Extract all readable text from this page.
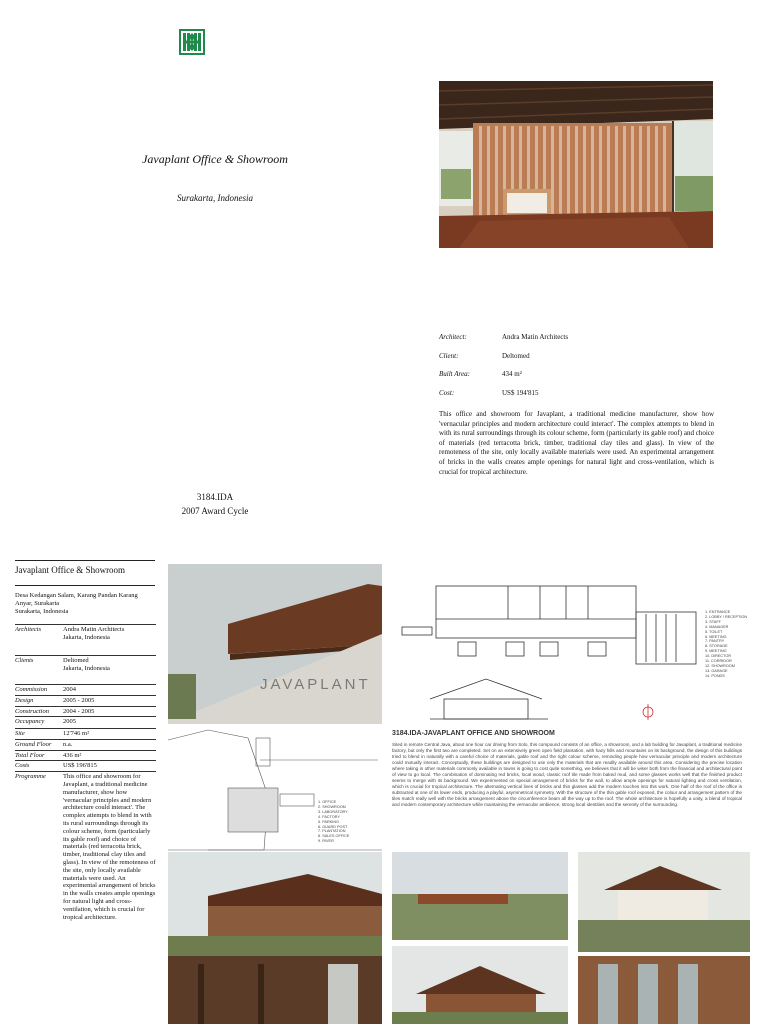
Javaplant Office & Showroom
Surakarta, Indonesia
3184.IDA
2007 Award Cycle
Architect:	Andra Matin Architects
Client:	Deltomed
Built Area:	434 m²
Cost:	US$ 194'815
This office and showroom for Javaplant, a traditional medicine manufacturer, show how 'vernacular principles and modern architecture could interact'. The complex attempts to blend in with its rural surroundings through its colour scheme, form (particularly its gable roof) and choice of materials (red terracotta brick, timber, traditional clay tiles and glass). In view of the remoteness of the site, only locally available materials were used. An experimental arrangement of bricks in the walls creates ample openings for natural light and cross-ventilation, which is crucial for tropical architecture.
Javaplant Office & Showroom
Desa Kedangan Salam, Karang Pandan Karang Anyar, Surakarta
Surakarta, Indonesia
Architects	Andra Matin Architects
Jakarta, Indonesia
Clients	Deltomed
Jakarta, Indonesia
Commission	2004
Design	2005 - 2005
Construction	2004 - 2005
Occupancy	2005
Site	12'746 m²
Ground Floor	n.a.
Total Floor	436 m²
Costs	US$ 196'815
Programme	This office and showroom for Javaplant, a traditional medicine manufacturer, show how 'vernacular principles and modern architecture could interact'. The complex attempts to blend in with its rural surroundings through its colour scheme, form (particularly its gable roof) and choice of materials (red terracotta brick, timber, traditional clay tiles and glass). In view of the remoteness of the site, only locally available materials were used. An experimental arrangement of bricks in the walls creates ample openings for natural light and cross-ventilation, which is crucial for tropical architecture.
JAVAPLANT
3184.IDA-JAVAPLANT OFFICE AND SHOWROOM
Sited in remote Central Java, about one hour car driving from Solo, this compound consists of an office, a showroom, and a lab building for Javaplant, a traditional medicine factory, but only the first two are completed. Set on an extensively green open field plantation, with hazy hills and mountains on its background, the design of this buildings tried to blend in naturally with a careful choice of materials, gable roof and the right colour scheme, reminding people how vernacular principle and modern architecture could mutually interact. Conceptually, these buildings are designed to use only the materials that are readily available around this area. Considering the precise location where taking in other materials commonly available in towns is going to cost quite something, we believes that it will be wiser both from the financial and architectural point of view to go local. The combination of dominating red bricks, local wood, classic roof tile made from baked mud, and some glasses works well that the finished product seems to merge with its background. We experimented on special arrangement of bricks for the wall, to allow ample openings for natural lighting and cross ventilation, which is crucial for tropical architecture. The alternating vertical lines of bricks and thin glasses add the modern touches into this work. One half of the roof of the office is subtracted at one of its lower ends, producing a playful, asymmetrical symmetry. With the structure of the thin gable roof exposed, the colour and arrangement pattern of the tiles match really well with the bricks arrangement above the circumference beam all the way up to the roof. The whole architecture is hopefully a unity, a blend of tropical and modern contemporary architecture while maintaining the vernacular ambience, strong local identities and the serenity of the surrounding.
1. ENTRANCE
2. LOBBY / RECEPTION
3. STAFF
4. MANAGER
5. TOILET
6. MEETING
7. PANTRY
8. STORAGE
9. MEETING
10. DIRECTOR
11. CORRIDOR
12. SHOWROOM
13. GARAGE
14. PONDS
1. OFFICE
2. SHOWROOM
3. LABORATORY
4. FACTORY
5. PARKING
6. GUARD POST
7. PLANTATION
8. SALES OFFICE
9. RIVER
